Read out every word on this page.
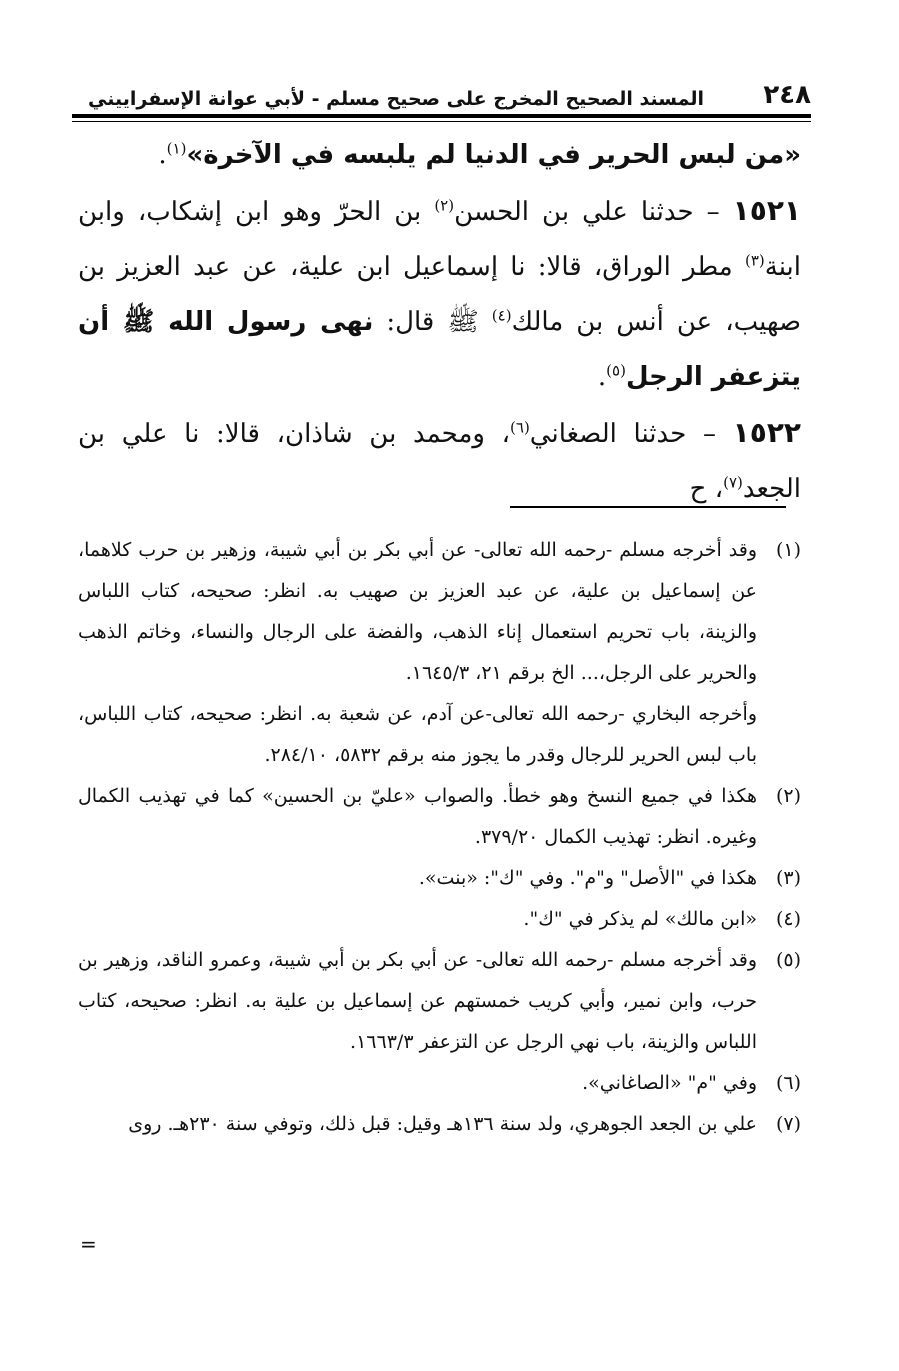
٢٤٨
المسند الصحيح المخرج على صحيح مسلم - لأبي عوانة الإسفراييني

«من لبس الحرير في الدنيا لم يلبسه في الآخرة»$^{(١)}$.

١٥٢١ – حدثنا علي بن الحسن$^{(٢)}$ بن الحرّ وهو ابن إشكاب، وابن ابنة$^{(٣)}$ مطر الوراق، قالا: نا إسماعيل ابن علية، عن عبد العزيز بن صهيب، عن أنس بن مالك$^{(٤)}$ ﷺ قال: نهى رسول الله ﷺ أن يتزعفر الرجل$^{(٥)}$.

١٥٢٢ – حدثنا الصغاني$^{(٦)}$، ومحمد بن شاذان، قالا: نا علي بن الجعد$^{(٧)}$، ح

(١)
وقد أخرجه مسلم -رحمه الله تعالى- عن أبي بكر بن أبي شيبة، وزهير بن حرب كلاهما، عن إسماعيل بن علية، عن عبد العزيز بن صهيب به. انظر: صحيحه، كتاب اللباس والزينة، باب تحريم استعمال إناء الذهب، والفضة على الرجال والنساء، وخاتم الذهب والحرير على الرجل،... الخ برقم ٢١، ١٦٤٥/٣.

وأخرجه البخاري -رحمه الله تعالى-عن آدم، عن شعبة به. انظر: صحيحه، كتاب اللباس، باب لبس الحرير للرجال وقدر ما يجوز منه برقم ٥٨٣٢، ٢٨٤/١٠.

(٢)
هكذا في جميع النسخ وهو خطأ. والصواب «عليّ بن الحسين» كما في تهذيب الكمال وغيره. انظر: تهذيب الكمال ٣٧٩/٢٠.

(٣)
هكذا في "الأصل" و"م". وفي "ك": «بنت».

(٤)
«ابن مالك» لم يذكر في "ك".

(٥)
وقد أخرجه مسلم -رحمه الله تعالى- عن أبي بكر بن أبي شيبة، وعمرو الناقد، وزهير بن حرب، وابن نمير، وأبي كريب خمستهم عن إسماعيل بن علية به. انظر: صحيحه، كتاب اللباس والزينة، باب نهي الرجل عن التزعفر ١٦٦٣/٣.

(٦)
وفي "م" «الصاغاني».

(٧)
علي بن الجعد الجوهري، ولد سنة ١٣٦هـ وقيل: قبل ذلك، وتوفي سنة ٢٣٠هـ. روى

=
